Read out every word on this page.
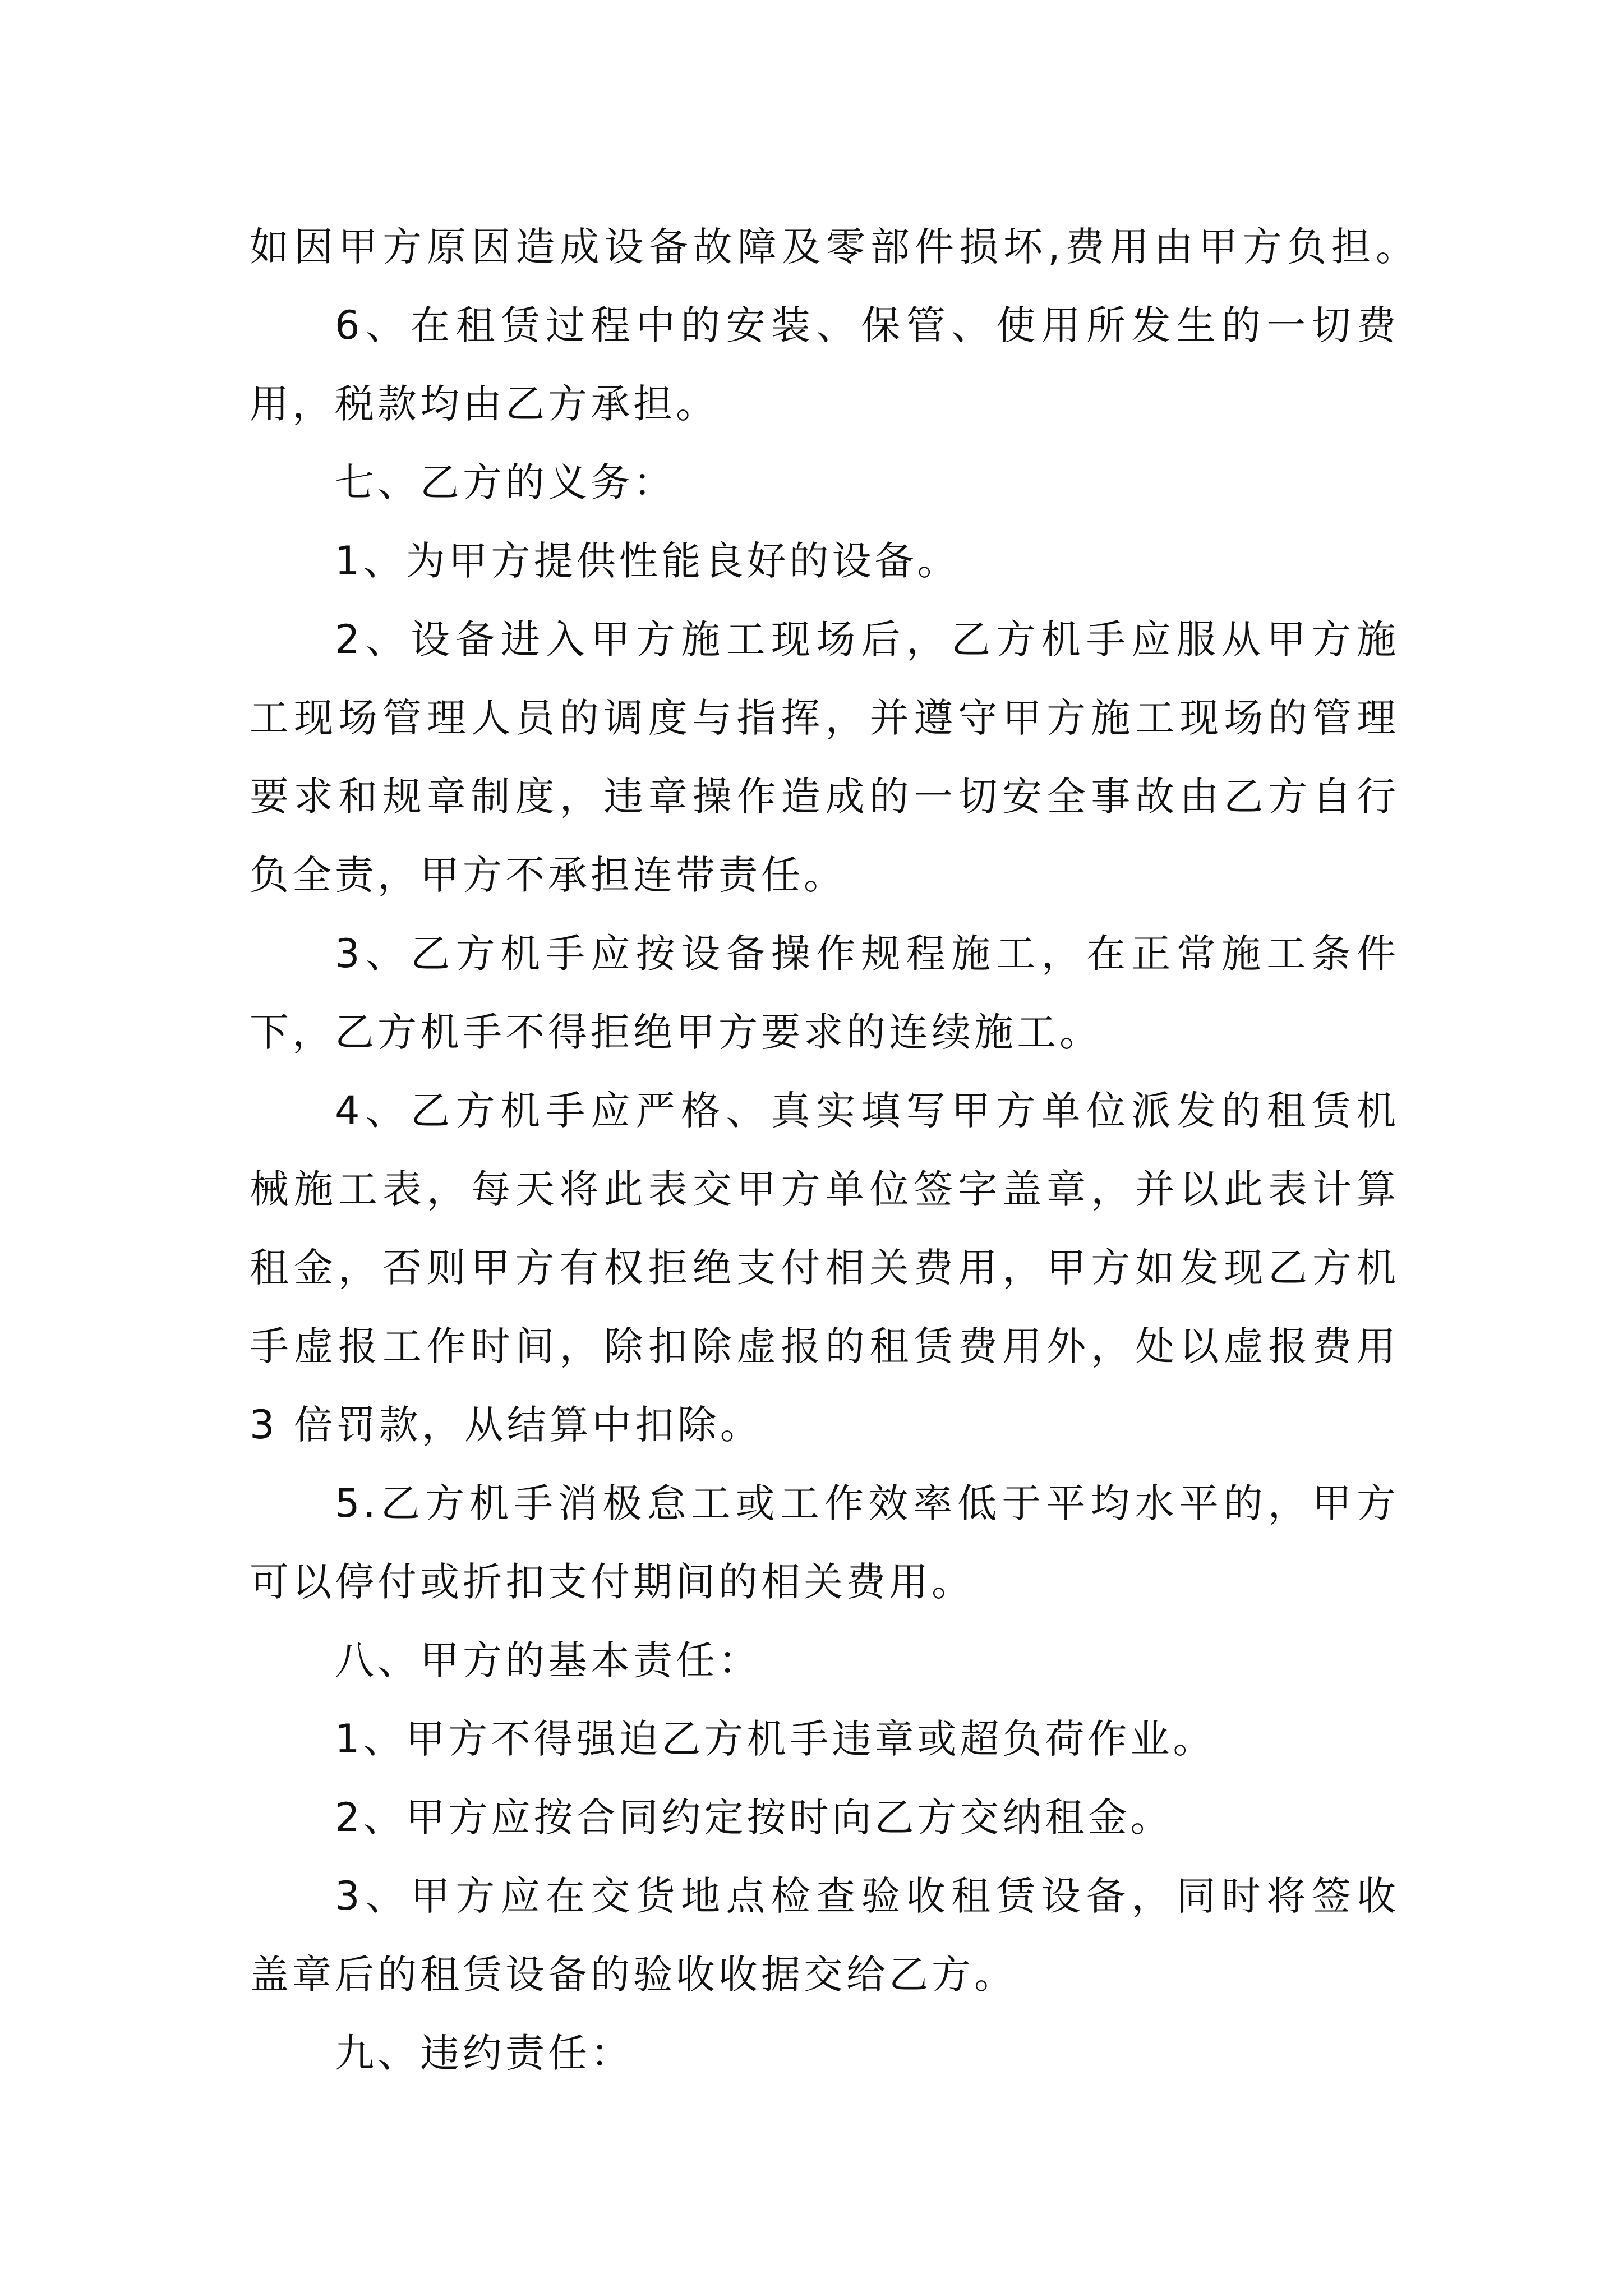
如因甲方原因造成设备故障及零部件损坏,费用由甲方负担。
6、在租赁过程中的安装、保管、使用所发生的一切费
用，税款均由乙方承担。
七、乙方的义务：
1、为甲方提供性能良好的设备。
2、设备进入甲方施工现场后，乙方机手应服从甲方施
工现场管理人员的调度与指挥，并遵守甲方施工现场的管理
要求和规章制度，违章操作造成的一切安全事故由乙方自行
负全责，甲方不承担连带责任。
3、乙方机手应按设备操作规程施工，在正常施工条件
下，乙方机手不得拒绝甲方要求的连续施工。
4、乙方机手应严格、真实填写甲方单位派发的租赁机
械施工表，每天将此表交甲方单位签字盖章，并以此表计算
租金，否则甲方有权拒绝支付相关费用，甲方如发现乙方机
手虚报工作时间，除扣除虚报的租赁费用外，处以虚报费用
3 倍罚款，从结算中扣除。
5.乙方机手消极怠工或工作效率低于平均水平的，甲方
可以停付或折扣支付期间的相关费用。
八、甲方的基本责任：
1、甲方不得强迫乙方机手违章或超负荷作业。
2、甲方应按合同约定按时向乙方交纳租金。
3、甲方应在交货地点检查验收租赁设备，同时将签收
盖章后的租赁设备的验收收据交给乙方。
九、违约责任：
